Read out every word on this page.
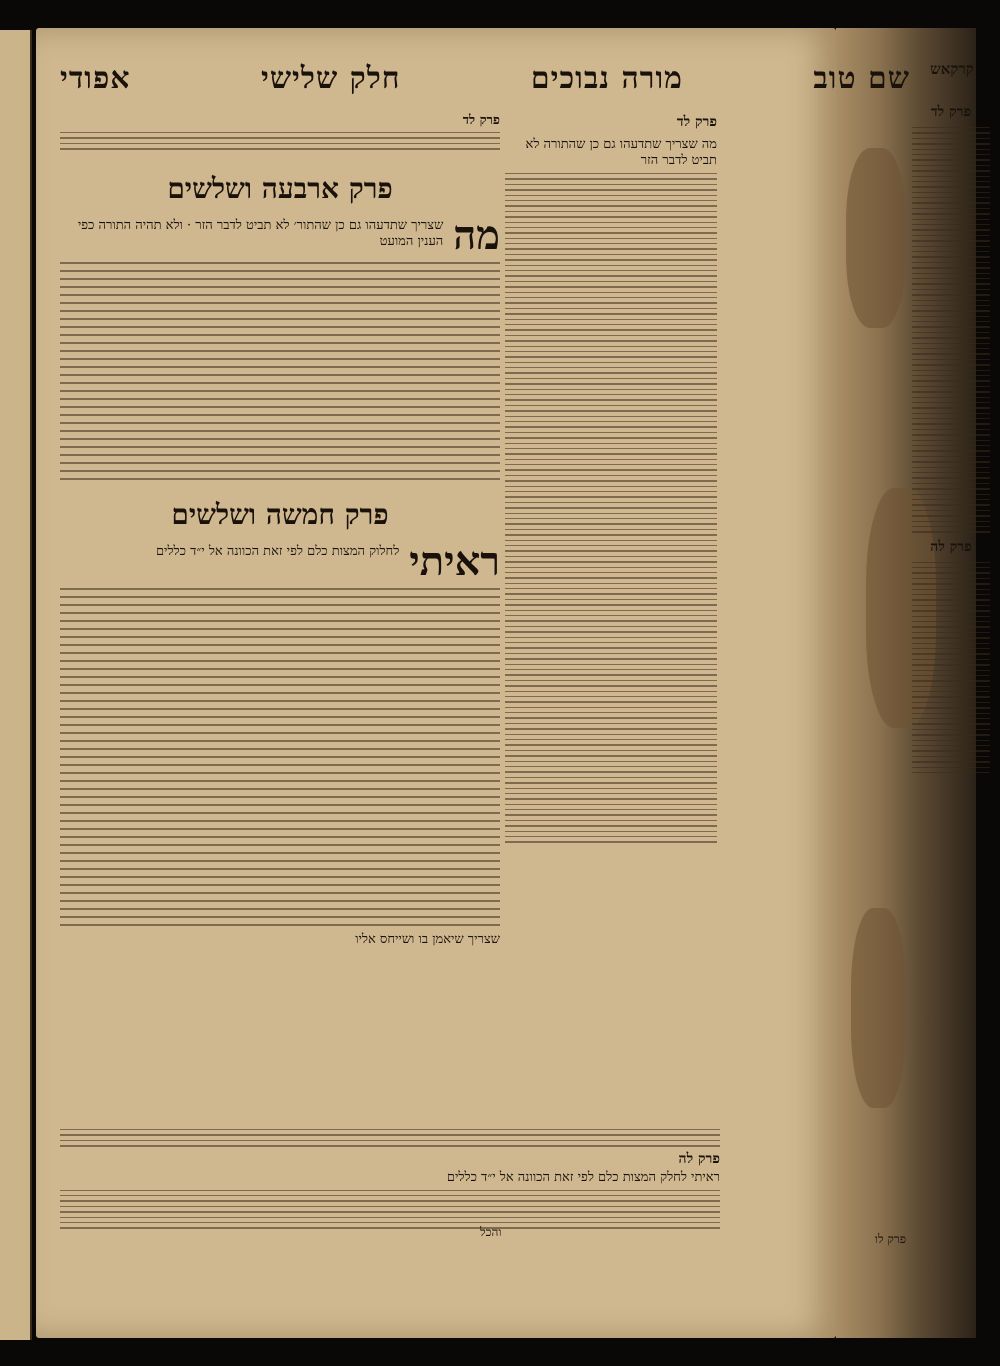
שם טוב
מורה נבוכים
חלק שלישי
אפודי	קרקאש
פרק לד
פרק לה
פרק לד
מה שצריך שתדעהו גם כן שהתורה לא תביט לדבר הזר
פרק לד
פרק ארבעה ושלשים
מה
שצריך שתדעהו גם כן שהתור׳ לא תביט לדבר הזר · ולא תהיה התורה כפי הענין המועט
פרק חמשה ושלשים
ראיתי
לחלוק המצות כלם לפי זאת הכוונה אל י״ד כללים
שצריך שיאמן בו ושייחס אליו
פרק לה
ראיתי לחלק המצות כלם לפי זאת הכוונה אל י״ד כללים
פרק לו
והכל
